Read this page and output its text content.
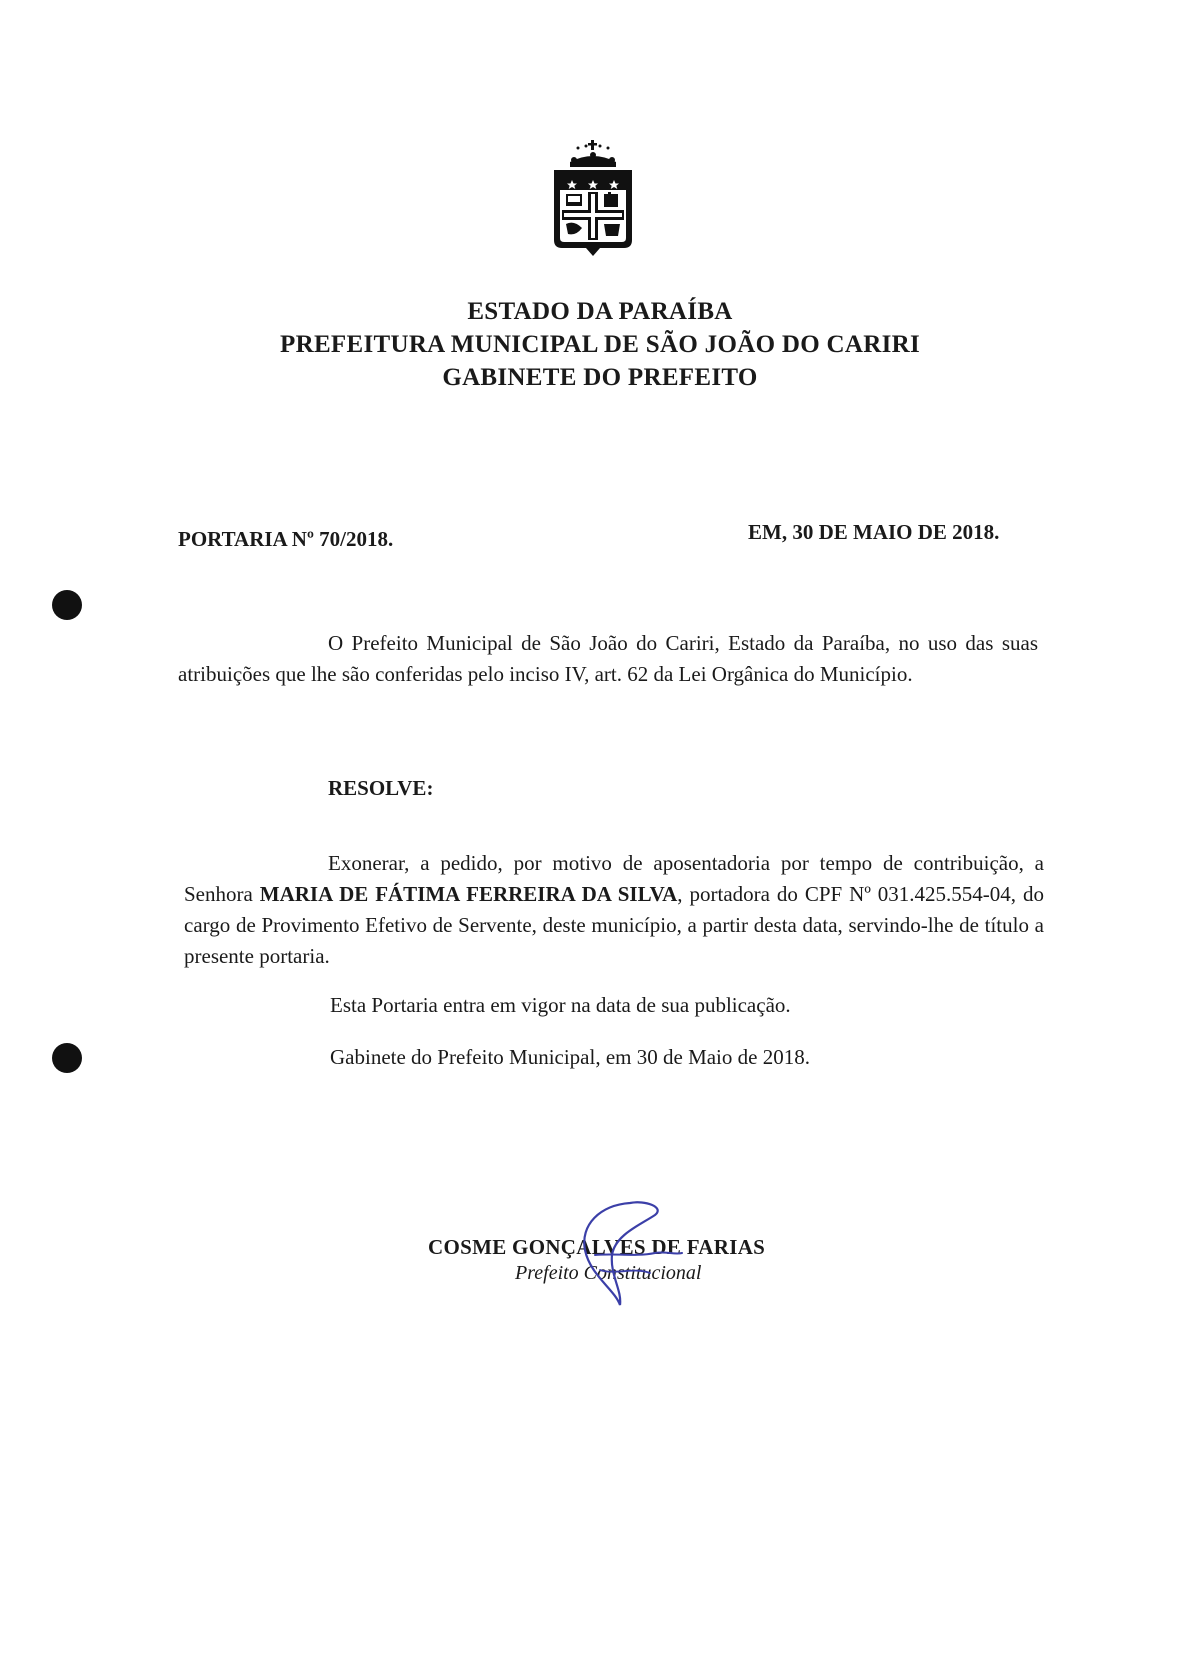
ESTADO DA PARAÍBA
PREFEITURA MUNICIPAL DE SÃO JOÃO DO CARIRI
GABINETE DO PREFEITO
PORTARIA Nº 70/2018.	EM, 30 DE MAIO DE 2018.
O Prefeito Municipal de São João do Cariri, Estado da Paraíba, no uso das suas atribuições que lhe são conferidas pelo inciso IV, art. 62 da Lei Orgânica do Município.
RESOLVE:
Exonerar, a pedido, por motivo de aposentadoria por tempo de contribuição, a Senhora MARIA DE FÁTIMA FERREIRA DA SILVA, portadora do CPF Nº 031.425.554-04, do cargo de Provimento Efetivo de Servente, deste município, a partir desta data, servindo-lhe de título a presente portaria.
Esta Portaria entra em vigor na data de sua publicação.
Gabinete do Prefeito Municipal, em 30 de Maio de 2018.
COSME GONÇALVES DE FARIAS
Prefeito Constitucional
